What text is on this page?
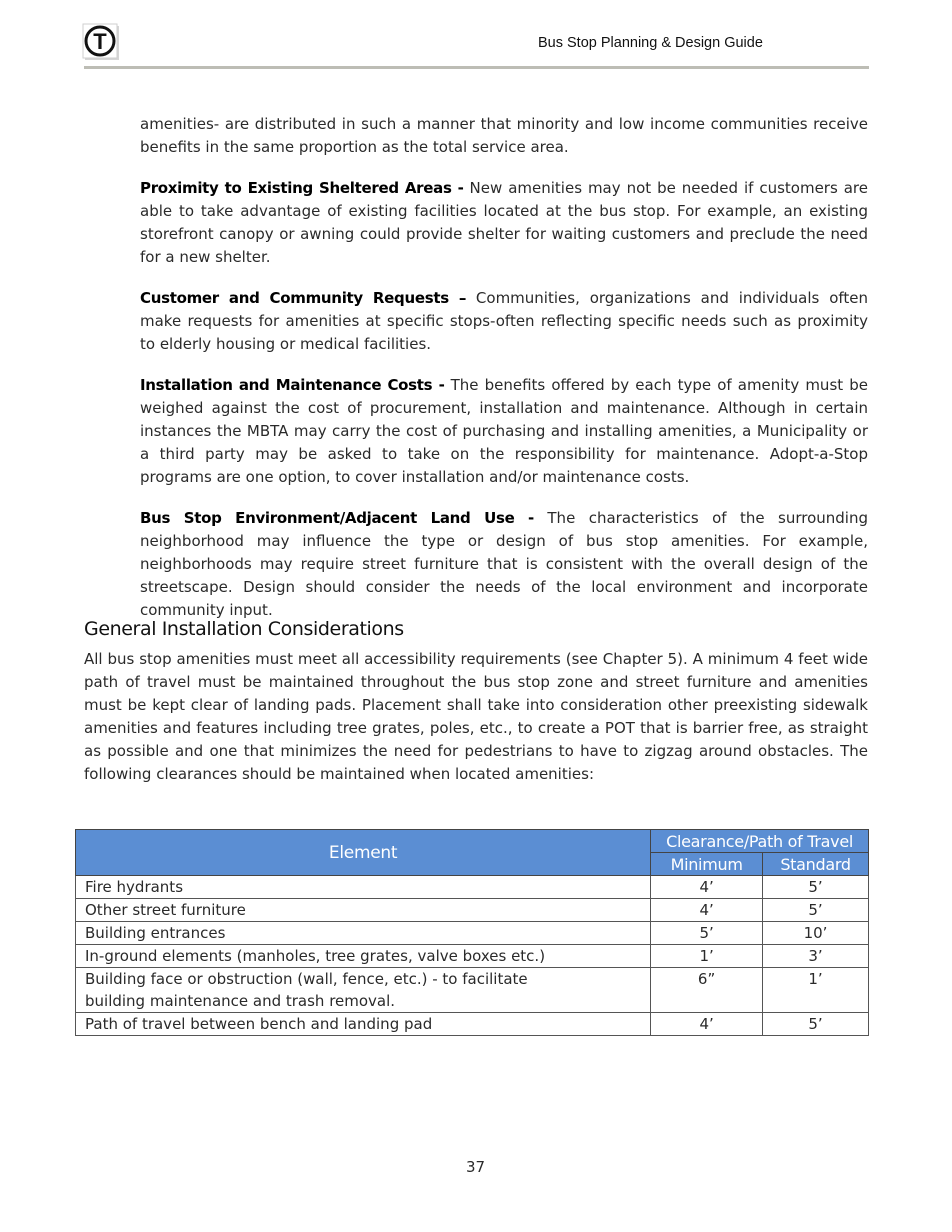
T	Bus Stop Planning & Design Guide

amenities- are distributed in such a manner that minority and low income communities receive benefits in the same proportion as the total service area.

Proximity to Existing Sheltered Areas - New amenities may not be needed if customers are able to take advantage of existing facilities located at the bus stop. For example, an existing storefront canopy or awning could provide shelter for waiting customers and preclude the need for a new shelter.

Customer and Community Requests – Communities, organizations and individuals often make requests for amenities at specific stops-often reflecting specific needs such as proximity to elderly housing or medical facilities.

Installation and Maintenance Costs - The benefits offered by each type of amenity must be weighed against the cost of procurement, installation and maintenance. Although in certain instances the MBTA may carry the cost of purchasing and installing amenities, a Municipality or a third party may be asked to take on the responsibility for maintenance. Adopt-a-Stop programs are one option, to cover installation and/or maintenance costs.

Bus Stop Environment/Adjacent Land Use - The characteristics of the surrounding neighborhood may influence the type or design of bus stop amenities. For example, neighborhoods may require street furniture that is consistent with the overall design of the streetscape. Design should consider the needs of the local environment and incorporate community input.

General Installation Considerations

All bus stop amenities must meet all accessibility requirements (see Chapter 5). A minimum 4 feet wide path of travel must be maintained throughout the bus stop zone and street furniture and amenities must be kept clear of landing pads. Placement shall take into consideration other preexisting sidewalk amenities and features including tree grates, poles, etc., to create a POT that is barrier free, as straight as possible and one that minimizes the need for pedestrians to have to zigzag around obstacles. The following clearances should be maintained when located amenities:

Element	Clearance/Path of Travel	
	Minimum	Standard
Fire hydrants	4’	5’
Other street furniture	4’	5’
Building entrances	5’	10’
In-ground elements (manholes, tree grates, valve boxes etc.)	1’	3’
Building face or obstruction (wall, fence, etc.) - to facilitate building maintenance and trash removal.	6”	1’
Path of travel between bench and landing pad	4’	5’
37
